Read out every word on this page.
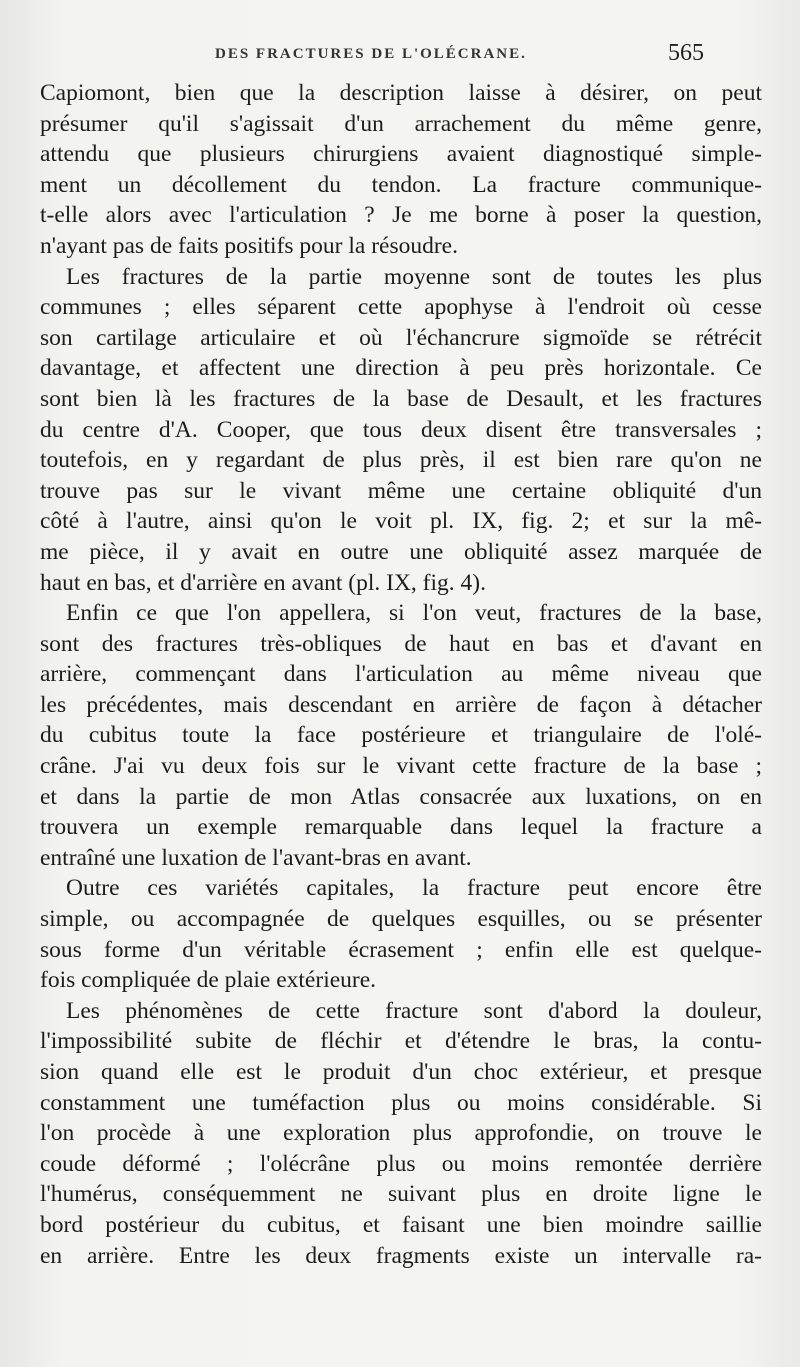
DES FRACTURES DE L'OLÉCRANE.	565
Capiomont, bien que la description laisse à désirer, on peut
présumer qu'il s'agissait d'un arrachement du même genre,
attendu que plusieurs chirurgiens avaient diagnostiqué simple-
ment un décollement du tendon. La fracture communique-
t-elle alors avec l'articulation ? Je me borne à poser la question,
n'ayant pas de faits positifs pour la résoudre.
Les fractures de la partie moyenne sont de toutes les plus
communes ; elles séparent cette apophyse à l'endroit où cesse
son cartilage articulaire et où l'échancrure sigmoïde se rétrécit
davantage, et affectent une direction à peu près horizontale. Ce
sont bien là les fractures de la base de Desault, et les fractures
du centre d'A. Cooper, que tous deux disent être transversales ;
toutefois, en y regardant de plus près, il est bien rare qu'on ne
trouve pas sur le vivant même une certaine obliquité d'un
côté à l'autre, ainsi qu'on le voit pl. IX, fig. 2; et sur la mê-
me pièce, il y avait en outre une obliquité assez marquée de
haut en bas, et d'arrière en avant (pl. IX, fig. 4).
Enfin ce que l'on appellera, si l'on veut, fractures de la base,
sont des fractures très-obliques de haut en bas et d'avant en
arrière, commençant dans l'articulation au même niveau que
les précédentes, mais descendant en arrière de façon à détacher
du cubitus toute la face postérieure et triangulaire de l'olé-
crâne. J'ai vu deux fois sur le vivant cette fracture de la base ;
et dans la partie de mon Atlas consacrée aux luxations, on en
trouvera un exemple remarquable dans lequel la fracture a
entraîné une luxation de l'avant-bras en avant.
Outre ces variétés capitales, la fracture peut encore être
simple, ou accompagnée de quelques esquilles, ou se présenter
sous forme d'un véritable écrasement ; enfin elle est quelque-
fois compliquée de plaie extérieure.
Les phénomènes de cette fracture sont d'abord la douleur,
l'impossibilité subite de fléchir et d'étendre le bras, la contu-
sion quand elle est le produit d'un choc extérieur, et presque
constamment une tuméfaction plus ou moins considérable. Si
l'on procède à une exploration plus approfondie, on trouve le
coude déformé ; l'olécrâne plus ou moins remontée derrière
l'humérus, conséquemment ne suivant plus en droite ligne le
bord postérieur du cubitus, et faisant une bien moindre saillie
en arrière. Entre les deux fragments existe un intervalle ra-
